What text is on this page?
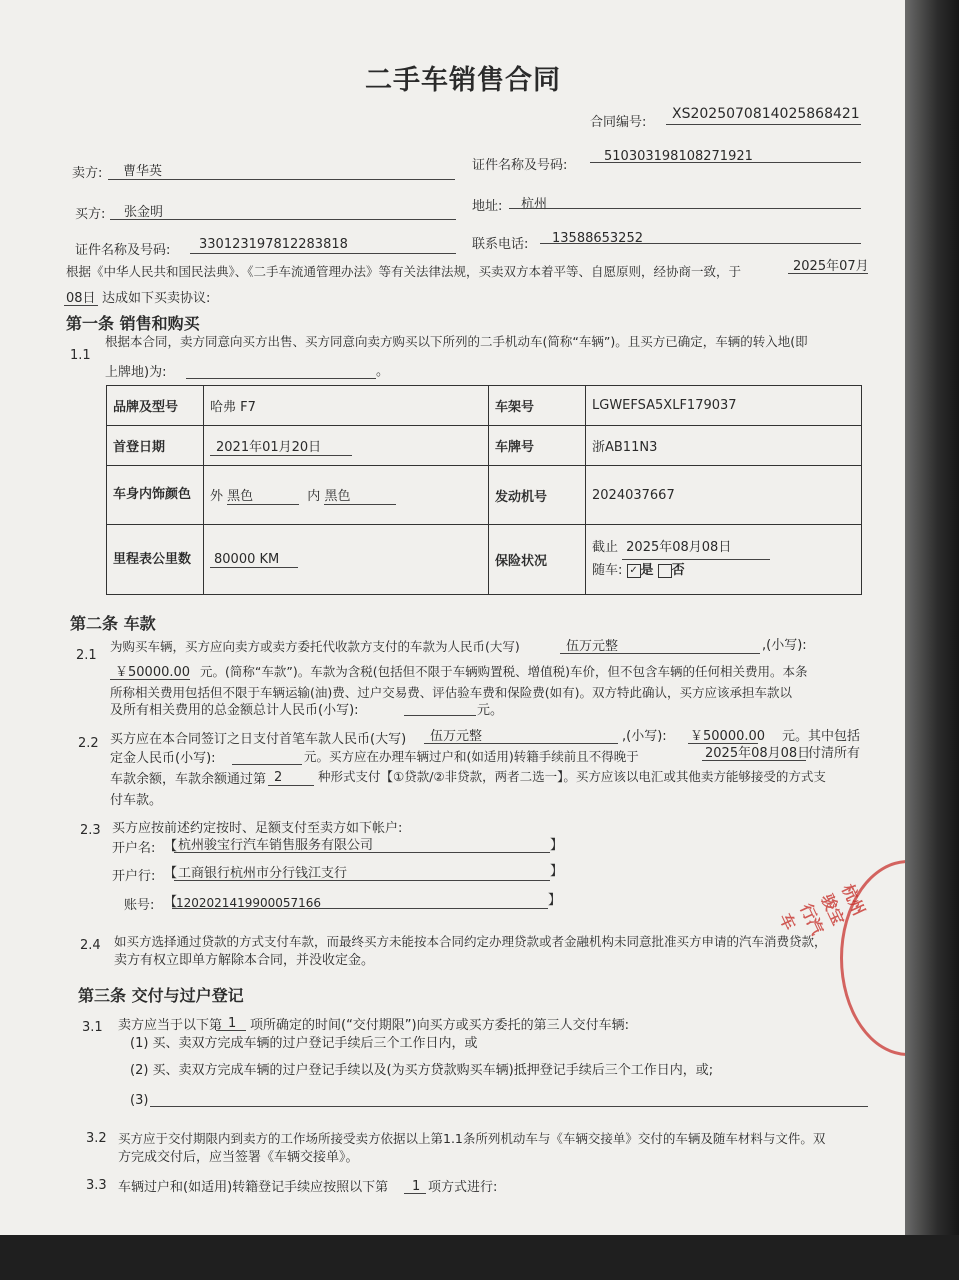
二手车销售合同
合同编号:
XS2025070814025868421
卖方: 曹华英	证件名称及号码:
510303198108271921
买方: 张金明	地址: 杭州
证件名称及号码: 330123197812283818	联系电话: 13588653252
根据《中华人民共和国民法典》、《二手车流通管理办法》等有关法律法规，买卖双方本着平等、自愿原则，经协商一致，于	2025年07月
08日 达成如下买卖协议:
第一条 销售和购买
1.1
根据本合同，卖方同意向买方出售、买方同意向卖方购买以下所列的二手机动车(简称“车辆”)。且买方已确定，车辆的转入地(即
上牌地)为:	。
品牌及型号	哈弗 F7	车架号	LGWEFSA5XLF179037
首登日期	2021年01月20日	车牌号	浙AB11N3
车身内饰颜色	外 黑色 内 黑色	发动机号	2024037667
里程表公里数	80000 KM	保险状况	截止 2025年08月08日
随车: ✓ 是 否
第二条 车款
2.1
为购买车辆，买方应向卖方或卖方委托代收款方支付的车款为人民币(大写)	伍万元整	,(小写):
￥50000.00 元。(简称“车款”)。车款为含税(包括但不限于车辆购置税、增值税)车价，但不包含车辆的任何相关费用。本条
所称相关费用包括但不限于车辆运输(油)费、过户交易费、评估验车费和保险费(如有)。双方特此确认，买方应该承担车款以
及所有相关费用的总金额总计人民币(小写):	元。
2.2 买方应在本合同签订之日支付首笔车款人民币(大写) 伍万元整	,(小写): ￥50000.00 元。其中包括
定金人民币(小写):	元。买方应在办理车辆过户和(如适用)转籍手续前且不得晚于	2025年08月08日
付清所有
车款余额，车款余额通过第 2	种形式支付【①贷款/②非贷款，两者二选一】。买方应该以电汇或其他卖方能够接受的方式支
付车款。
2.3 买方应按前述约定按时、足额支付至卖方如下帐户:
开户名: 【 杭州骏宝行汽车销售服务有限公司	】
开户行: 【 工商银行杭州市分行钱江支行	】
账号: 【
1202021419900057166	】
2.4 如买方选择通过贷款的方式支付车款，而最终买方未能按本合同约定办理贷款或者金融机构未同意批准买方申请的汽车消费贷款，
卖方有权立即单方解除本合同，并没收定金。
第三条 交付与过户登记
3.1 卖方应当于以下第 1 项所确定的时间(“交付期限”)向买方或买方委托的第三人交付车辆:
(1) 买、卖双方完成车辆的过户登记手续后三个工作日内，或
(2) 买、卖双方完成车辆的过户登记手续以及(为买方贷款购买车辆)抵押登记手续后三个工作日内，或;
(3)
3.2 买方应于交付期限内到卖方的工作场所接受卖方依据以上第1.1条所列机动车与《车辆交接单》交付的车辆及随车材料与文件。双
方完成交付后，应当签署《车辆交接单》。
3.3 车辆过户和(如适用)转籍登记手续应按照以下第 1 项方式进行:
杭州骏宝行汽车
